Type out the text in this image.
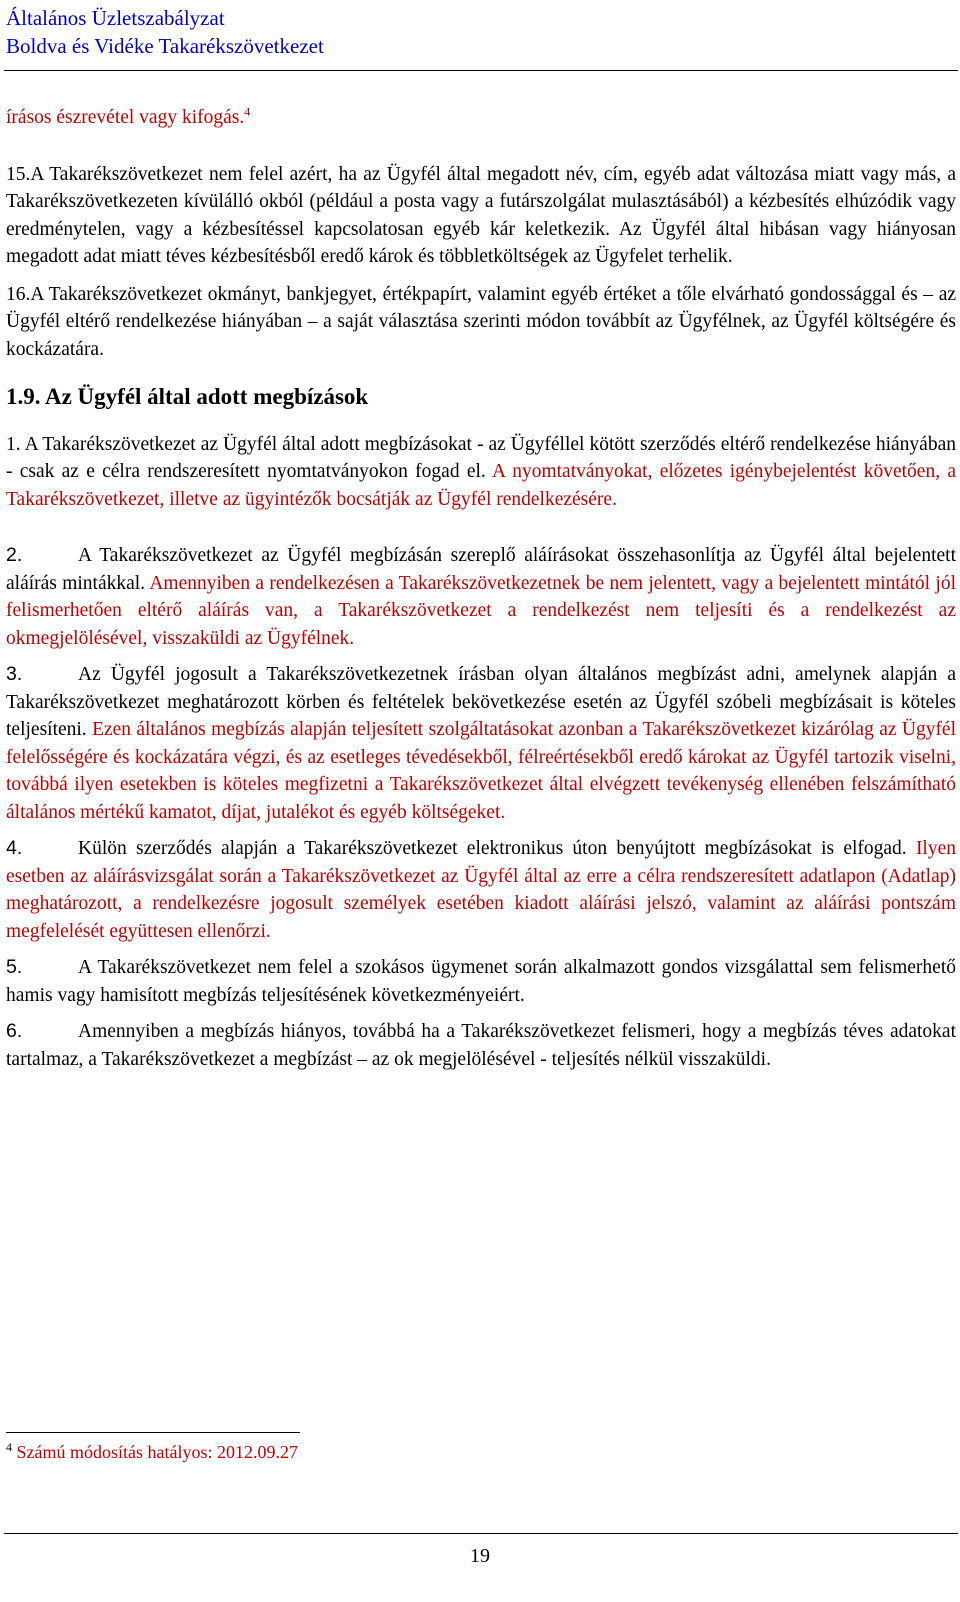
Általános Üzletszabályzat
Boldva és Vidéke Takarékszövetkezet

írásos észrevétel vagy kifogás.$^4$

15.A Takarékszövetkezet nem felel azért, ha az Ügyfél által megadott név, cím, egyéb adat változása miatt vagy más, a Takarékszövetkezeten kívülálló okból (például a posta vagy a futárszolgálat mulasztásából) a kézbesítés elhúzódik vagy eredménytelen, vagy a kézbesítéssel kapcsolatosan egyéb kár keletkezik. Az Ügyfél által hibásan vagy hiányosan megadott adat miatt téves kézbesítésből eredő károk és többletköltségek az Ügyfelet terhelik.

16.A Takarékszövetkezet okmányt, bankjegyet, értékpapírt, valamint egyéb értéket a tőle elvárható gondossággal és – az Ügyfél eltérő rendelkezése hiányában – a saját választása szerinti módon továbbít az Ügyfélnek, az Ügyfél költségére és kockázatára.

1.9. Az Ügyfél által adott megbízások

1. A Takarékszövetkezet az Ügyfél által adott megbízásokat - az Ügyféllel kötött szerződés eltérő rendelkezése hiányában - csak az e célra rendszeresített nyomtatványokon fogad el. A nyomtatványokat, előzetes igénybejelentést követően, a Takarékszövetkezet, illetve az ügyintézők bocsátják az Ügyfél rendelkezésére.

2.	A Takarékszövetkezet az Ügyfél megbízásán szereplő aláírásokat összehasonlítja az Ügyfél által bejelentett aláírás mintákkal. Amennyiben a rendelkezésen a Takarékszövetkezetnek be nem jelentett, vagy a bejelentett mintától jól felismerhetően eltérő aláírás van, a Takarékszövetkezet a rendelkezést nem teljesíti és a rendelkezést az okmegjelölésével, visszaküldi az Ügyfélnek.

3.	Az Ügyfél jogosult a Takarékszövetkezetnek írásban olyan általános megbízást adni, amelynek alapján a Takarékszövetkezet meghatározott körben és feltételek bekövetkezése esetén az Ügyfél szóbeli megbízásait is köteles teljesíteni. Ezen általános megbízás alapján teljesített szolgáltatásokat azonban a Takarékszövetkezet kizárólag az Ügyfél felelősségére és kockázatára végzi, és az esetleges tévedésekből, félreértésekből eredő károkat az Ügyfél tartozik viselni, továbbá ilyen esetekben is köteles megfizetni a Takarékszövetkezet által elvégzett tevékenység ellenében felszámítható általános mértékű kamatot, díjat, jutalékot és egyéb költségeket.

4.	Külön szerződés alapján a Takarékszövetkezet elektronikus úton benyújtott megbízásokat is elfogad. Ilyen esetben az aláírásvizsgálat során a Takarékszövetkezet az Ügyfél által az erre a célra rendszeresített adatlapon (Adatlap) meghatározott, a rendelkezésre jogosult személyek esetében kiadott aláírási jelszó, valamint az aláírási pontszám megfelelését együttesen ellenőrzi.

5.	A Takarékszövetkezet nem felel a szokásos ügymenet során alkalmazott gondos vizsgálattal sem felismerhető hamis vagy hamisított megbízás teljesítésének következményeiért.

6.	Amennyiben a megbízás hiányos, továbbá ha a Takarékszövetkezet felismeri, hogy a megbízás téves adatokat tartalmaz, a Takarékszövetkezet a megbízást – az ok megjelölésével - teljesítés nélkül visszaküldi.

$^4$ Számú módosítás hatályos: 2012.09.27
19
